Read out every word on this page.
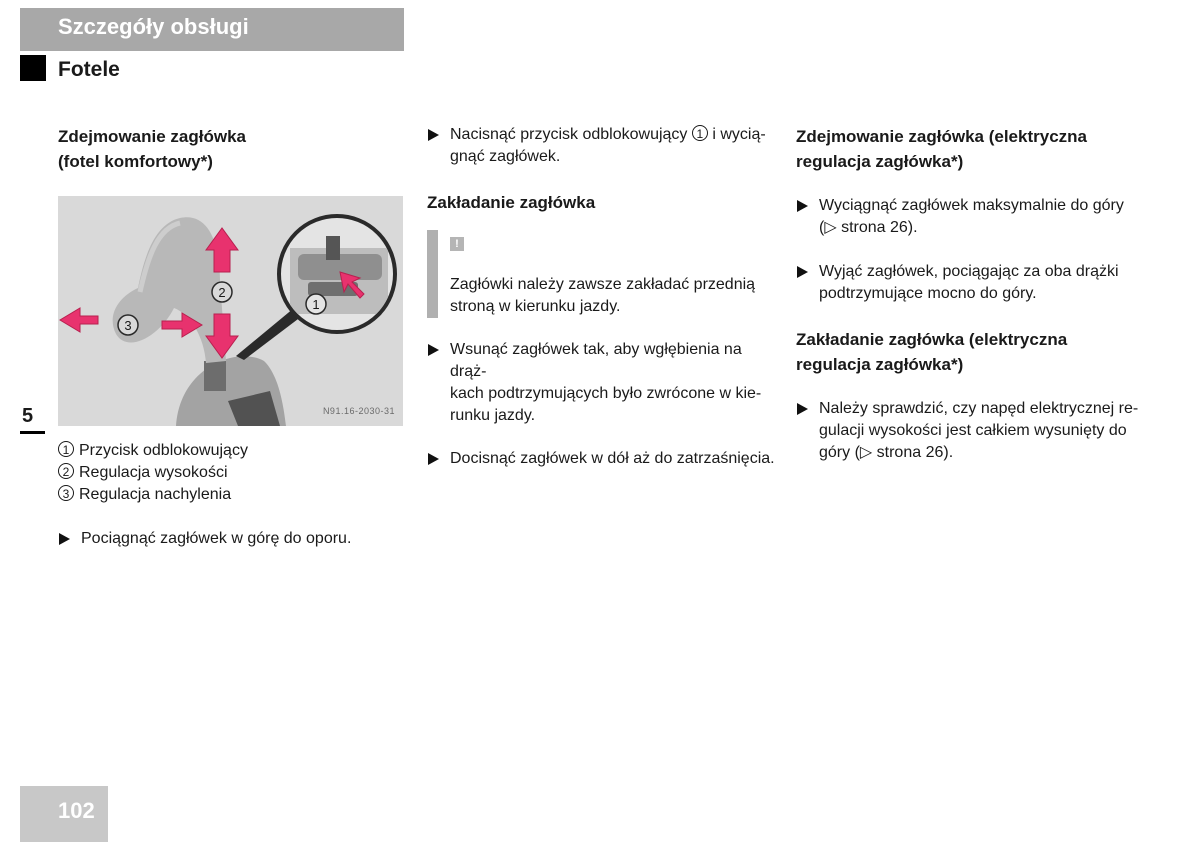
Szczegóły obsługi
Fotele
5
102
Zdejmowanie zagłówka
(fotel komfortowy*)
2
3
1
N91.16-2030-31
1 Przycisk odblokowujący
2 Regulacja wysokości
3 Regulacja nachylenia

Pociągnąć zagłówek w górę do oporu.

Nacisnąć przycisk odblokowujący 1 i wycią-
gnąć zagłówek.

Zakładanie zagłówka
!

Zagłówki należy zawsze zakładać przednią
stroną w kierunku jazdy.

Wsunąć zagłówek tak, aby wgłębienia na drąż-
kach podtrzymujących było zwrócone w kie-
runku jazdy.

Docisnąć zagłówek w dół aż do zatrzaśnięcia.

Zdejmowanie zagłówka (elektryczna
regulacja zagłówka*)

Wyciągnąć zagłówek maksymalnie do góry
(▷ strona 26).

Wyjąć zagłówek, pociągając za oba drążki
podtrzymujące mocno do góry.

Zakładanie zagłówka (elektryczna
regulacja zagłówka*)

Należy sprawdzić, czy napęd elektrycznej re-
gulacji wysokości jest całkiem wysunięty do
góry (▷ strona 26).
